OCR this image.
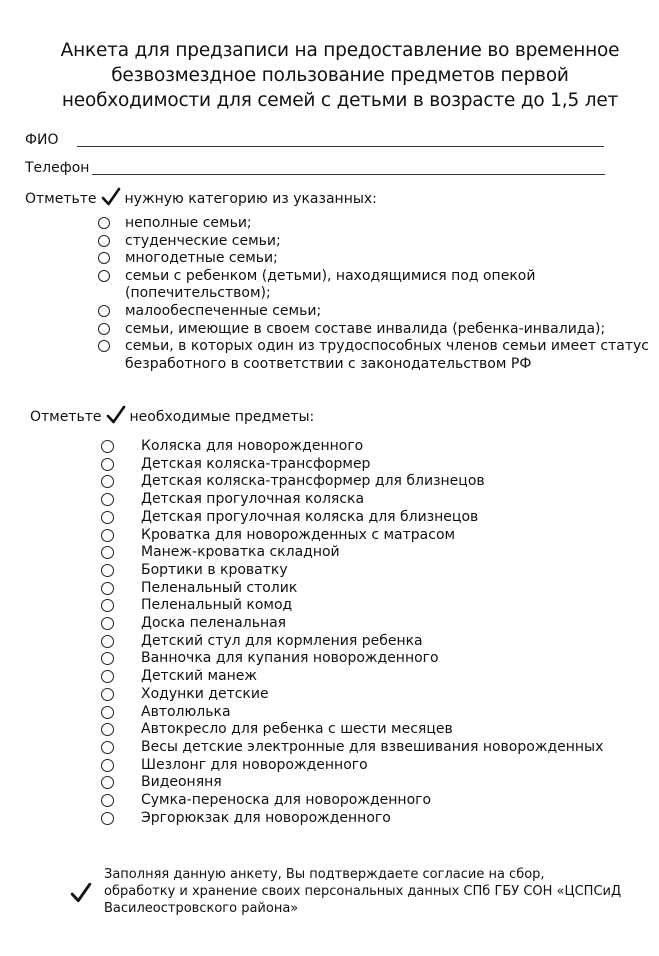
Анкета для предзаписи на предоставление во временное
безвозмездное пользование предметов первой
необходимости для семей с детьми в возрасте до 1,5 лет
ФИО
Телефон
Отметьте нужную категорию из указанных:
неполные семьи;
студенческие семьи;
многодетные семьи;
семьи с ребенком (детьми), находящимися под опекой
(попечительством);
малообеспеченные семьи;
семьи, имеющие в своем составе инвалида (ребенка-инвалида);
семьи, в которых один из трудоспособных членов семьи имеет статус
безработного в соответствии с законодательством РФ
Отметьте необходимые предметы:
Коляска для новорожденного
Детская коляска-трансформер
Детская коляска-трансформер для близнецов
Детская прогулочная коляска
Детская прогулочная коляска для близнецов
Кроватка для новорожденных с матрасом
Манеж-кроватка складной
Бортики в кроватку
Пеленальный столик
Пеленальный комод
Доска пеленальная
Детский стул для кормления ребенка
Ванночка для купания новорожденного
Детский манеж
Ходунки детские
Автолюлька
Автокресло для ребенка с шести месяцев
Весы детские электронные для взвешивания новорожденных
Шезлонг для новорожденного
Видеоняня
Сумка-переноска для новорожденного
Эргорюкзак для новорожденного
Заполняя данную анкету, Вы подтверждаете согласие на сбор,
обработку и хранение своих персональных данных СПб ГБУ СОН «ЦСПСиД
Василеостровского района»
